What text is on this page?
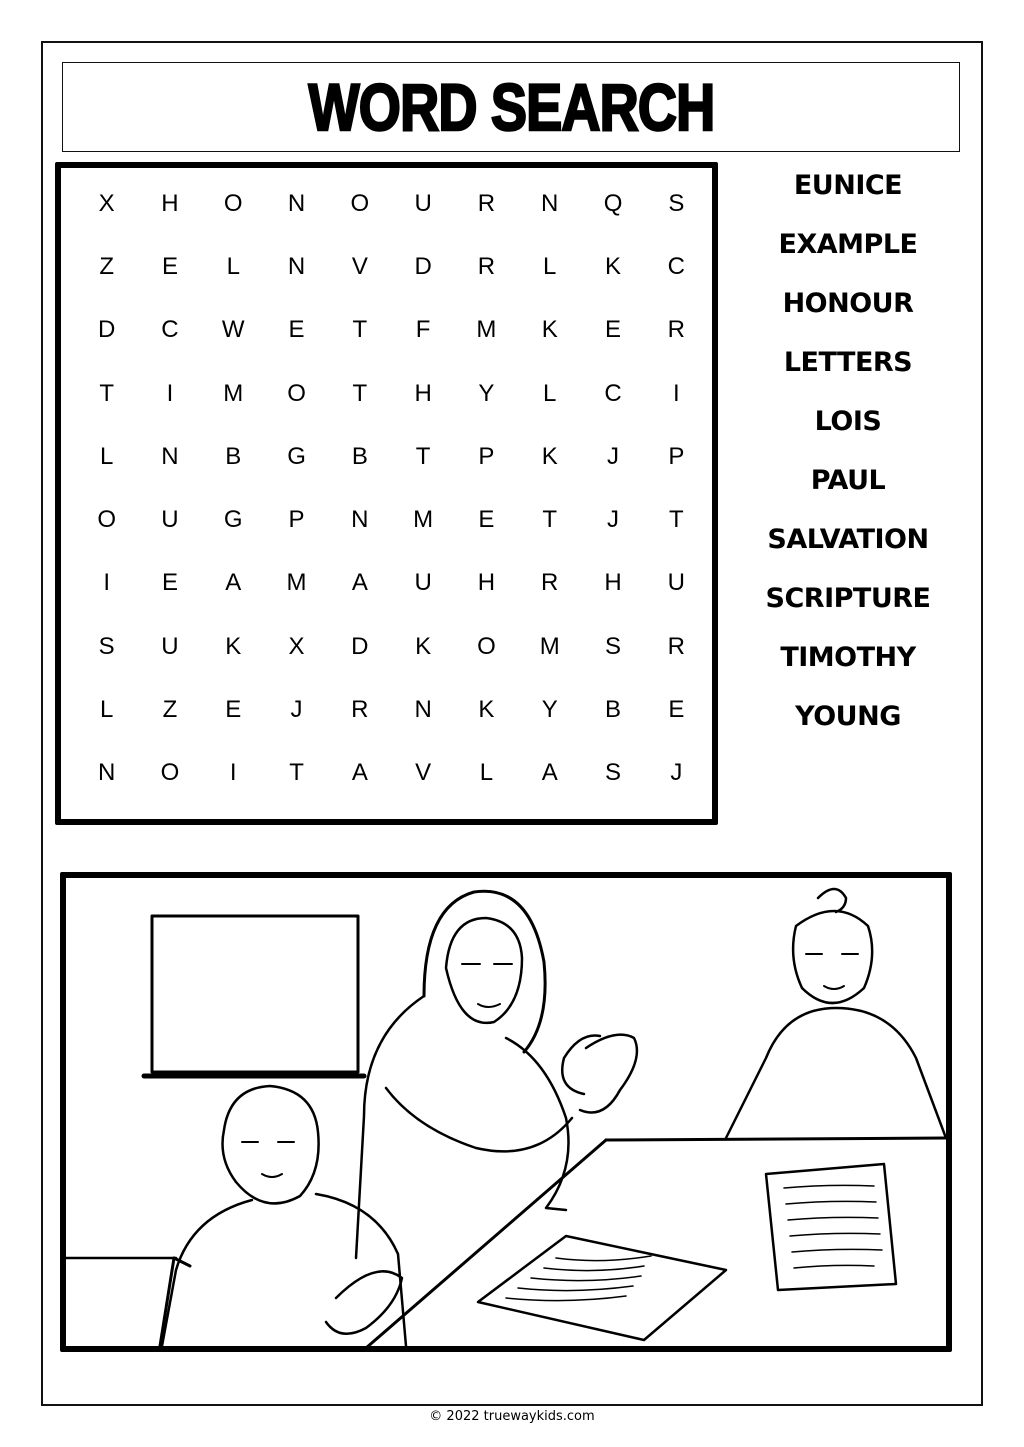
WORD SEARCH
X	H	O	N	O	U	R	N	Q	S
Z	E	L	N	V	D	R	L	K	C
D	C	W	E	T	F	M	K	E	R
T	I	M	O	T	H	Y	L	C	I
L	N	B	G	B	T	P	K	J	P
O	U	G	P	N	M	E	T	J	T
I	E	A	M	A	U	H	R	H	U
S	U	K	X	D	K	O	M	S	R
L	Z	E	J	R	N	K	Y	B	E
N	O	I	T	A	V	L	A	S	J
EUNICE
EXAMPLE
HONOUR
LETTERS
LOIS
PAUL
SALVATION
SCRIPTURE
TIMOTHY
YOUNG
© 2022 truewaykids.com
